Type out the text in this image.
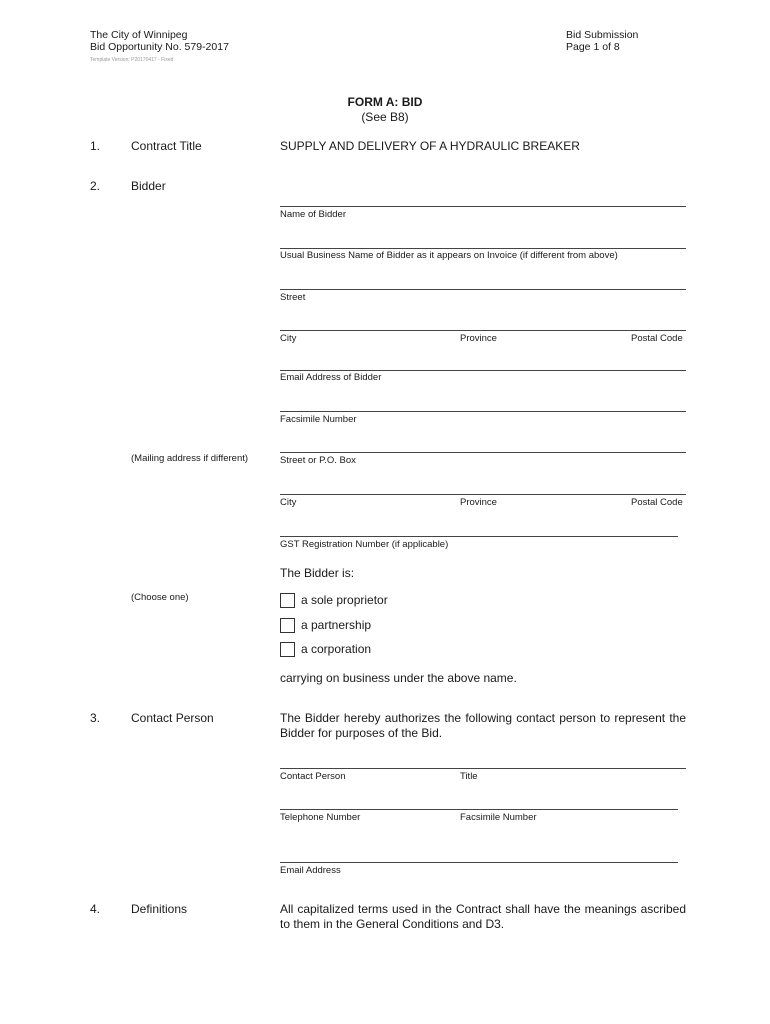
The City of Winnipeg
Bid Opportunity No. 579-2017
Template Version: P20170417 - Fixed
Bid Submission
Page 1 of 8
FORM A: BID
(See B8)
1.	Contract Title	SUPPLY AND DELIVERY OF A HYDRAULIC BREAKER
2.	Bidder
Name of Bidder
Usual Business Name of Bidder as it appears on Invoice (if different from above)
Street
City	Province	Postal Code
Email Address of Bidder
Facsimile Number
(Mailing address if different)	Street or P.O. Box
City	Province	Postal Code
GST Registration Number (if applicable)
The Bidder is:
(Choose one)	a sole proprietor
a partnership
a corporation
carrying on business under the above name.
3.	Contact Person	The Bidder hereby authorizes the following contact person to represent the Bidder for purposes of the Bid.
Contact Person	Title
Telephone Number	Facsimile Number
Email Address
4.	Definitions	All capitalized terms used in the Contract shall have the meanings ascribed to them in the General Conditions and D3.
